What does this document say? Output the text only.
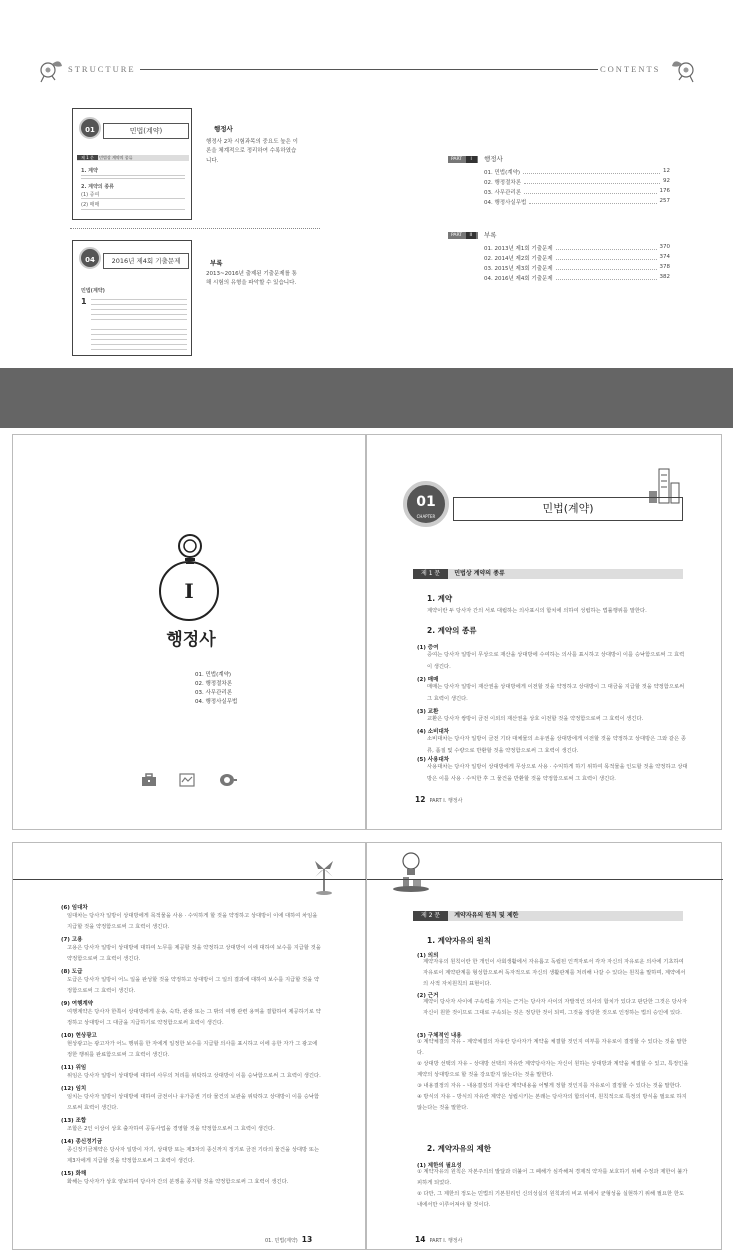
STRUCTURE	CONTENTS
01	민법(계약)
제 1 문 민법상 계약의 종류
1. 계약
2. 계약의 종류
(1) 증여
(2) 매매
행정사
행정사 2차 시험과목의 중요도 높은 이론을 체계적으로 정리하여 수록하였습니다.
04	2016년 제4회 기출문제
민법(계약)
1
부록
2013~2016년 출제된 기출문제를 통해 시험의 유형을 파악할 수 있습니다.
PART I	행정사
01. 민법(계약)	12
02. 행정절차론	92
03. 사무관리론	176
04. 행정사실무법	257
PART II	부록
01. 2013년 제1회 기출문제	370
02. 2014년 제2회 기출문제	374
03. 2015년 제3회 기출문제	378
04. 2016년 제4회 기출문제	382
I
행정사
01. 민법(계약)
02. 행정절차론
03. 사무관리론
04. 행정사실무법
01
CHAPTER
민법(계약)
제 1 문 민법상 계약의 종류
1. 계약
계약이란 두 당사자 간의 서로 대립하는 의사표시의 합치에 의하여 성립하는 법률행위를 말한다.
2. 계약의 종류
(1) 증여
증여는 당사자 일방이 무상으로 재산을 상대방에 수여하는 의사를 표시하고 상대방이 이를 승낙함으로써 그 효력이 생긴다.
(2) 매매
매매는 당사자 일방이 재산권을 상대방에게 이전할 것을 약정하고 상대방이 그 대금을 지급할 것을 약정함으로써 그 효력이 생긴다.
(3) 교환
교환은 당사자 쌍방이 금전 이외의 재산권을 상호 이전할 것을 약정함으로써 그 효력이 생긴다.
(4) 소비대차
소비대차는 당사자 일방이 금전 기타 대체물의 소유권을 상대방에게 이전할 것을 약정하고 상대방은 그와 같은 종류, 품질 및 수량으로 반환할 것을 약정함으로써 그 효력이 생긴다.
(5) 사용대차
사용대차는 당사자 일방이 상대방에게 무상으로 사용 · 수익하게 하기 위하여 목적물을 인도할 것을 약정하고 상대방은 이를 사용 · 수익한 후 그 물건을 반환할 것을 약정함으로써 그 효력이 생긴다.
12 PART I. 행정사
(6) 임대차
임대차는 당사자 일방이 상대방에게 목적물을 사용 · 수익하게 할 것을 약정하고 상대방이 이에 대하여 차임을 지급할 것을 약정함으로써 그 효력이 생긴다.
(7) 고용
고용은 당사자 일방이 상대방에 대하여 노무를 제공할 것을 약정하고 상대방이 이에 대하여 보수를 지급할 것을 약정함으로써 그 효력이 생긴다.
(8) 도급
도급은 당사자 일방이 어느 일을 완성할 것을 약정하고 상대방이 그 일의 결과에 대하여 보수를 지급할 것을 약정함으로써 그 효력이 생긴다.
(9) 여행계약
여행계약은 당사자 한쪽이 상대방에게 운송, 숙박, 관광 또는 그 밖의 여행 관련 용역을 결합하여 제공하기로 약정하고 상대방이 그 대금을 지급하기로 약정함으로써 효력이 생긴다.
(10) 현상광고
현상광고는 광고자가 어느 행위를 한 자에게 일정한 보수를 지급할 의사를 표시하고 이에 응한 자가 그 광고에 정한 행위를 완료함으로써 그 효력이 생긴다.
(11) 위임
위임은 당사자 일방이 상대방에 대하여 사무의 처리를 위탁하고 상대방이 이를 승낙함으로써 그 효력이 생긴다.
(12) 임치
임치는 당사자 일방이 상대방에 대하여 금전이나 유가증권 기타 물건의 보관을 위탁하고 상대방이 이를 승낙함으로써 효력이 생긴다.
(13) 조합
조합은 2인 이상이 상호 출자하여 공동사업을 경영할 것을 약정함으로써 그 효력이 생긴다.
(14) 종신정기금
종신정기금계약은 당사자 일방이 자기, 상대방 또는 제3자의 종신까지 정기로 금전 기타의 물건을 상대방 또는 제3자에게 지급할 것을 약정함으로써 그 효력이 생긴다.
(15) 화해
화해는 당사자가 상호 양보하여 당사자 간의 분쟁을 종지할 것을 약정함으로써 그 효력이 생긴다.
01. 민법(계약) 13
제 2 문 계약자유의 원칙 및 제한
1. 계약자유의 원칙
(1) 의의
계약자유의 원칙이란 한 개인이 사회생활에서 자유롭고 독립된 인격자로서 각자 자신의 자유로운 의사에 기초하여 자유로이 계약관계를 형성함으로써 독자적으로 자신의 생활관계를 처리해 나갈 수 있다는 원칙을 말하며, 계약에서의 사적 자치원칙의 표현이다.
(2) 근거
계약이 당사자 사이에 구속력을 가지는 근거는 당사자 사이의 자발적인 의사의 합치가 있다고 판단한 그것은 당사자 자신이 원한 것이므로 그대로 구속되는 것은 정당한 것이 되며, 그것을 정당한 것으로 인정하는 법의 승인에 있다.
(3) 구체적인 내용
① 계약체결의 자유 – 계약체결의 자유란 당사자가 계약을 체결할 것인지 여부를 자유로이 결정할 수 있다는 것을 말한다.
② 상대방 선택의 자유 – 상대방 선택의 자유란 계약당사자는 자신이 원하는 상대방과 계약을 체결할 수 있고, 특정인을 계약의 상대방으로 할 것을 강요받지 않는다는 것을 말한다.
③ 내용결정의 자유 – 내용결정의 자유란 계약내용을 어떻게 정할 것인지를 자유로이 결정할 수 있다는 것을 말한다.
④ 방식의 자유 – 방식의 자유란 계약은 성립시키는 본래는 당사자의 합의이며, 원칙적으로 특정의 방식을 필요로 하지 않는다는 것을 말한다.
2. 계약자유의 제한
(1) 제한의 필요성
① 계약자유의 원칙은 자본주의의 발달과 더불어 그 폐해가 심각해져 경제적 약자를 보호하기 위해 수정과 제한이 불가피하게 되었다.
② 다만, 그 제한의 정도는 민법의 기본원리인 신의성실의 원칙과의 비교 위에서 균형성을 실현하기 위해 필요한 한도 내에서만 이루어져야 할 것이다.
14 PART I. 행정사
